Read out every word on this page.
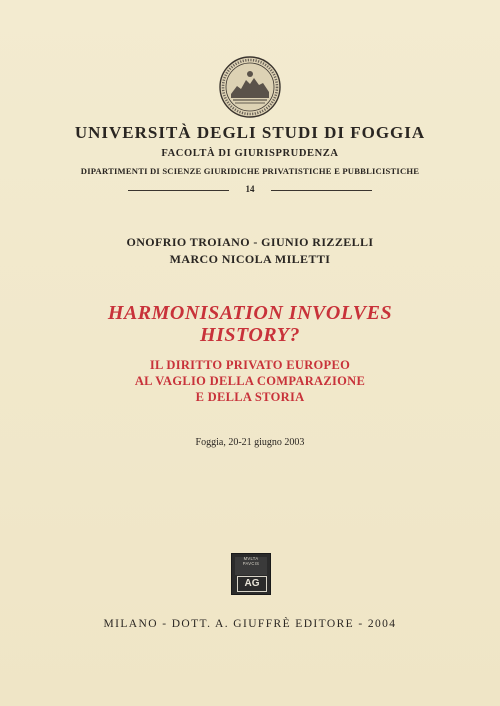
UNIVERSITÀ DEGLI STUDI DI FOGGIA
FACOLTÀ DI GIURISPRUDENZA
DIPARTIMENTI DI SCIENZE GIURIDICHE PRIVATISTICHE E PUBBLICISTICHE
14
ONOFRIO TROIANO - GIUNIO RIZZELLI
MARCO NICOLA MILETTI
HARMONISATION INVOLVES
HISTORY?
IL DIRITTO PRIVATO EUROPEO
AL VAGLIO DELLA COMPARAZIONE
E DELLA STORIA
Foggia, 20-21 giugno 2003
MVLTA
PAVCIS
AG
MILANO - DOTT. A. GIUFFRÈ EDITORE - 2004
